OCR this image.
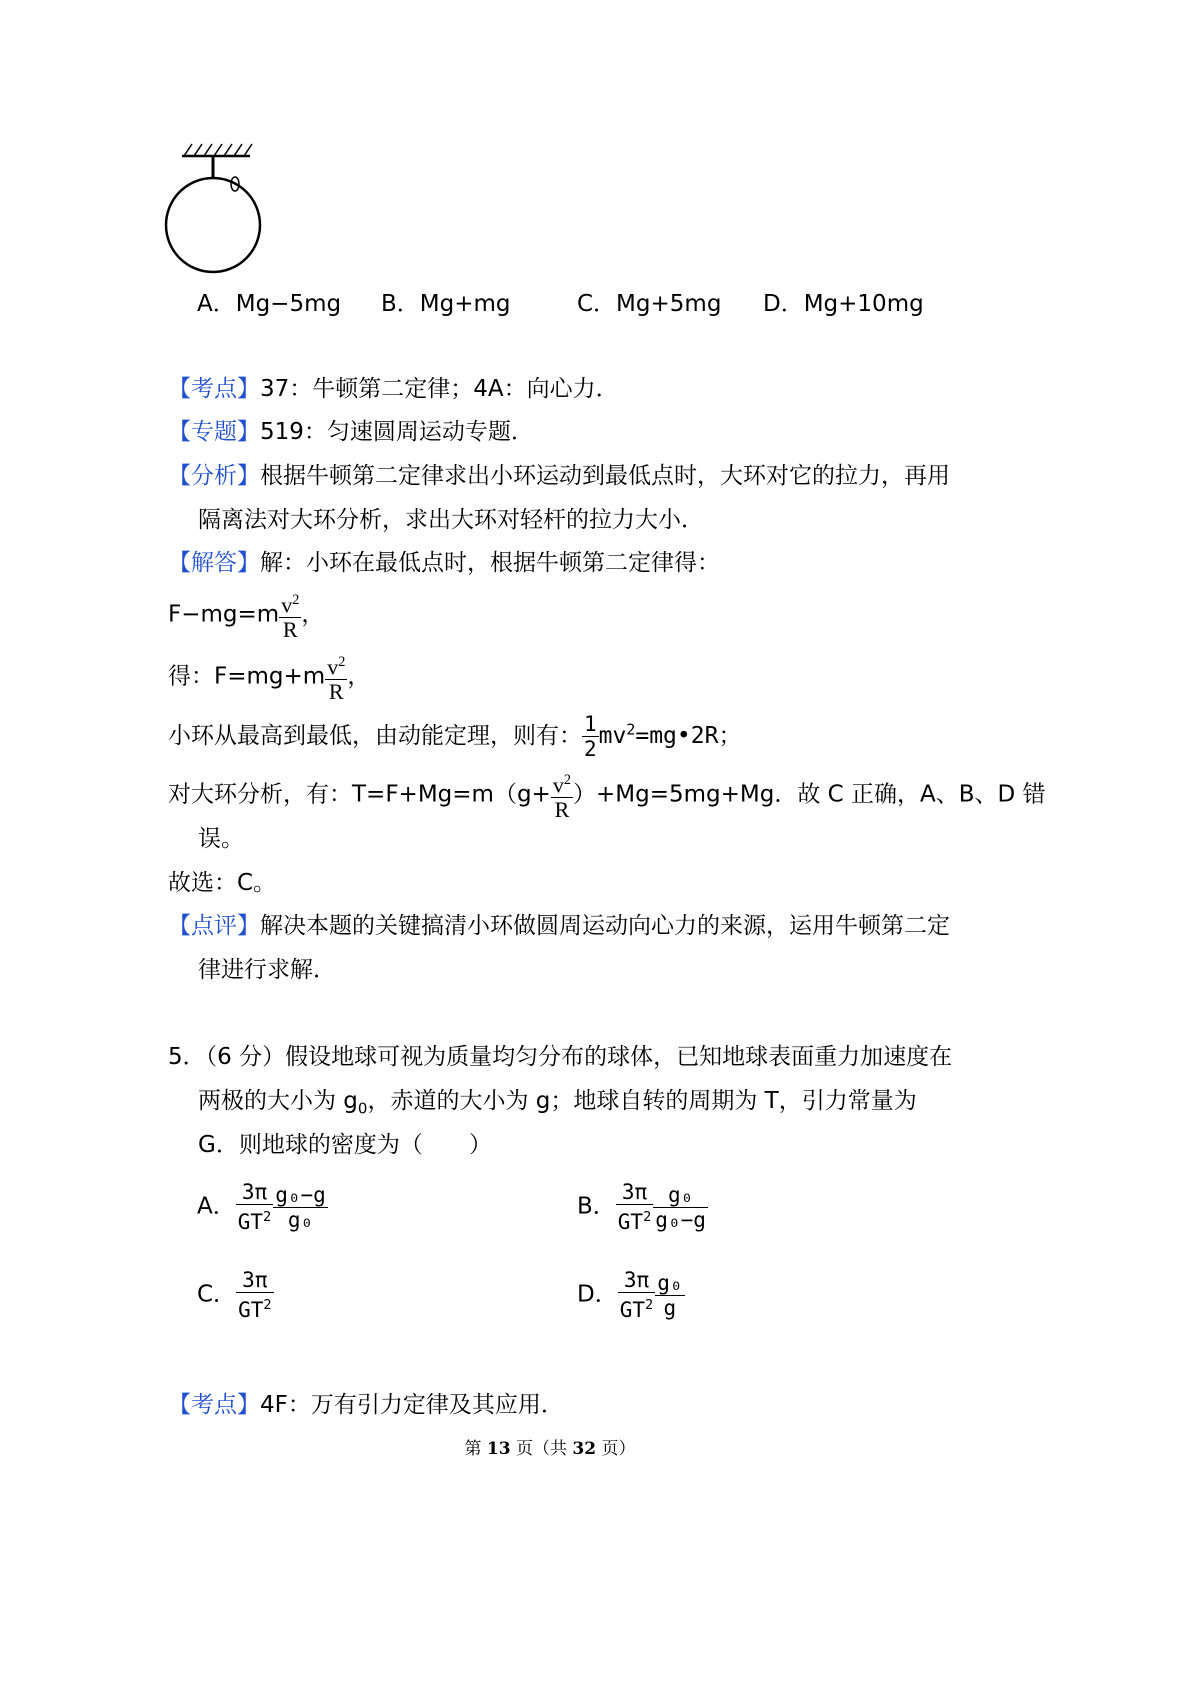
A．Mg−5mg B．Mg+mg	C．Mg+5mg D．Mg+10mg
【考点】37：牛顿第二定律；4A：向心力．
【专题】519：匀速圆周运动专题．
【分析】根据牛顿第二定律求出小环运动到最低点时，大环对它的拉力，再用
隔离法对大环分析，求出大环对轻杆的拉力大小．
【解答】解：小环在最低点时，根据牛顿第二定律得：
$F-mg=m \frac{v^2}{R}$ ，
得：$F=mg+m \frac{v^2}{R}$ ，
小环从最高到最低，由动能定理，则有： $\frac{1}{2}$ $mv^2=mg•2R$；
对大环分析，有：$T=F+Mg=m(g+ \frac{v^2}{R} )+Mg=5mg+Mg$．故 C 正确，A、B、D 错
误。
故选：C。
【点评】解决本题的关键搞清小环做圆周运动向心力的来源，运用牛顿第二定
律进行求解．
5．（6 分）假设地球可视为质量均匀分布的球体，已知地球表面重力加速度在
两极的大小为 $g_0$，赤道的大小为 g；地球自转的周期为 T，引力常量为
G．则地球的密度为（　　）
A． $\frac{3\pi}{GT^2} \frac{\text{g₀−g}}{\text{g₀}}$	B． $\frac{3\pi}{GT^2} \frac{\text{g₀}}{\text{g₀−g}}$
C． $\frac{3\pi}{GT^2}$	D． $\frac{3\pi}{GT^2} \frac{\text{g₀}}{g}$
【考点】4F：万有引力定律及其应用．
第 13 页（共 32 页）
